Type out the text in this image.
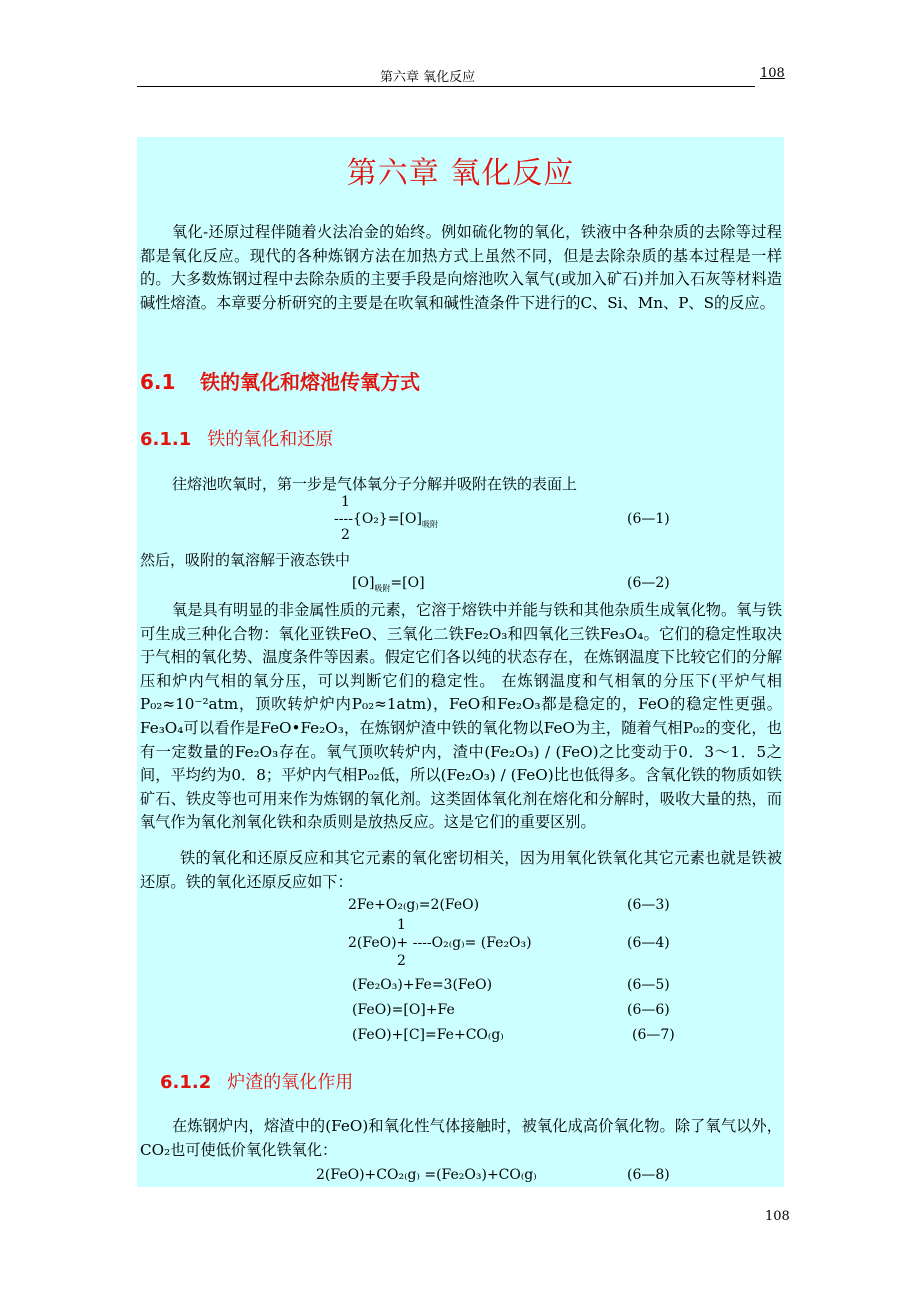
第六章 氧化反应	108
第六章 氧化反应

氧化-还原过程伴随着火法冶金的始终。例如硫化物的氧化，铁液中各种杂质的去除等过程都是氧化反应。现代的各种炼钢方法在加热方式上虽然不同，但是去除杂质的基本过程是一样的。大多数炼钢过程中去除杂质的主要手段是向熔池吹入氧气(或加入矿石)并加入石灰等材料造碱性熔渣。本章要分析研究的主要是在吹氧和碱性渣条件下进行的C、Si、Mn、P、S的反应。

6.1 铁的氧化和熔池传氧方式
6.1.1 铁的氧化和还原
往熔池吹氧时，第一步是气体氧分子分解并吸附在铁的表面上
1
$----\{O_2\}=[O]_{吸附}$
2
(6—1)
然后，吸附的氧溶解于液态铁中
$[O]_{吸附}=[O]$	(6—2)

氧是具有明显的非金属性质的元素，它溶于熔铁中并能与铁和其他杂质生成氧化物。氧与铁可生成三种化合物：氧化亚铁FeO、三氧化二铁Fe₂O₃和四氧化三铁Fe₃O₄。它们的稳定性取决于气相的氧化势、温度条件等因素。假定它们各以纯的状态存在，在炼钢温度下比较它们的分解压和炉内气相的氧分压，可以判断它们的稳定性。 在炼钢温度和气相氧的分压下(平炉气相P₀₂≈10⁻²atm，顶吹转炉炉内P₀₂≈1atm)，FeO和Fe₂O₃都是稳定的，FeO的稳定性更强。Fe₃O₄可以看作是FeO•Fe₂O₃，在炼钢炉渣中铁的氧化物以FeO为主，随着气相P₀₂的变化，也有一定数量的Fe₂O₃存在。氧气顶吹转炉内，渣中(Fe₂O₃) / (FeO)之比变动于0．3～1．5之间，平均约为0．8；平炉内气相P₀₂低，所以(Fe₂O₃) / (FeO)比也低得多。含氧化铁的物质如铁矿石、铁皮等也可用来作为炼钢的氧化剂。这类固体氧化剂在熔化和分解时，吸收大量的热，而氧气作为氧化剂氧化铁和杂质则是放热反应。这是它们的重要区别。

铁的氧化和还原反应和其它元素的氧化密切相关，因为用氧化铁氧化其它元素也就是铁被还原。铁的氧化还原反应如下：

2Fe+O₂₍g₎=2(FeO)	(6—3)
1
2(FeO)+ ----O₂₍g₎= (Fe₂O₃)
2
(6—4)
(Fe₂O₃)+Fe=3(FeO)	(6—5)
(FeO)=[O]+Fe	(6—6)
(FeO)+[C]=Fe+CO₍g₎	(6—7)
6.1.2 炉渣的氧化作用

在炼钢炉内，熔渣中的(FeO)和氧化性气体接触时，被氧化成高价氧化物。除了氧气以外，CO₂也可使低价氧化铁氧化：

2(FeO)+CO₂₍g₎ =(Fe₂O₃)+CO₍g₎	(6—8)
108
